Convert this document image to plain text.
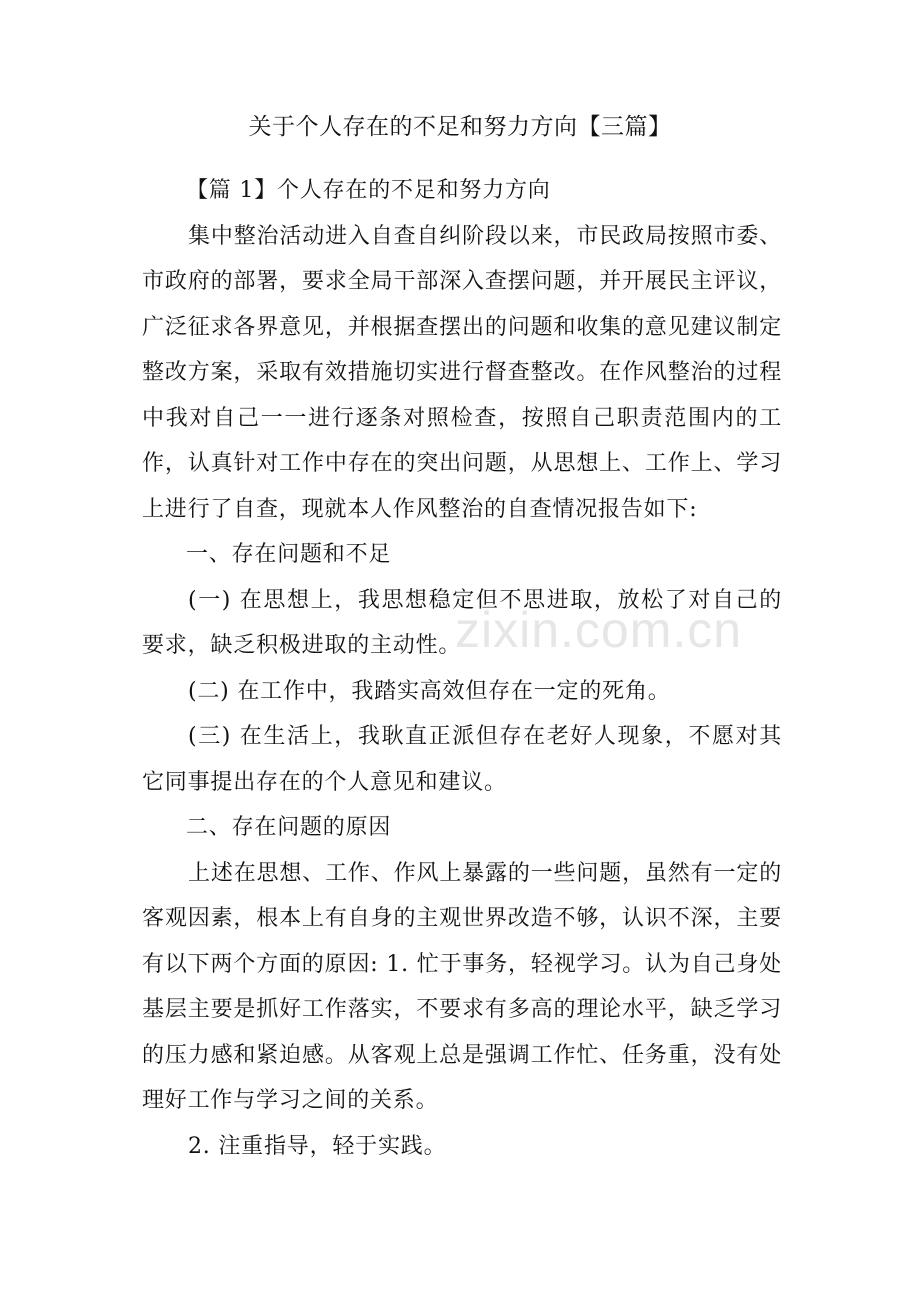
zixin.com.cn
关于个人存在的不足和努力方向【三篇】

【篇 1】个人存在的不足和努力方向

集中整治活动进入自查自纠阶段以来，市民政局按照市委、市政府的部署，要求全局干部深入查摆问题，并开展民主评议，广泛征求各界意见，并根据查摆出的问题和收集的意见建议制定整改方案，采取有效措施切实进行督查整改。在作风整治的过程中我对自己一一进行逐条对照检查，按照自己职责范围内的工作，认真针对工作中存在的突出问题，从思想上、工作上、学习上进行了自查，现就本人作风整治的自查情况报告如下:

一、存在问题和不足

(一) 在思想上，我思想稳定但不思进取，放松了对自己的要求，缺乏积极进取的主动性。

(二) 在工作中，我踏实高效但存在一定的死角。

(三) 在生活上，我耿直正派但存在老好人现象，不愿对其它同事提出存在的个人意见和建议。

二、存在问题的原因

上述在思想、工作、作风上暴露的一些问题，虽然有一定的客观因素，根本上有自身的主观世界改造不够，认识不深，主要有以下两个方面的原因: 1. 忙于事务，轻视学习。认为自己身处基层主要是抓好工作落实，不要求有多高的理论水平，缺乏学习的压力感和紧迫感。从客观上总是强调工作忙、任务重，没有处理好工作与学习之间的关系。

2. 注重指导，轻于实践。
